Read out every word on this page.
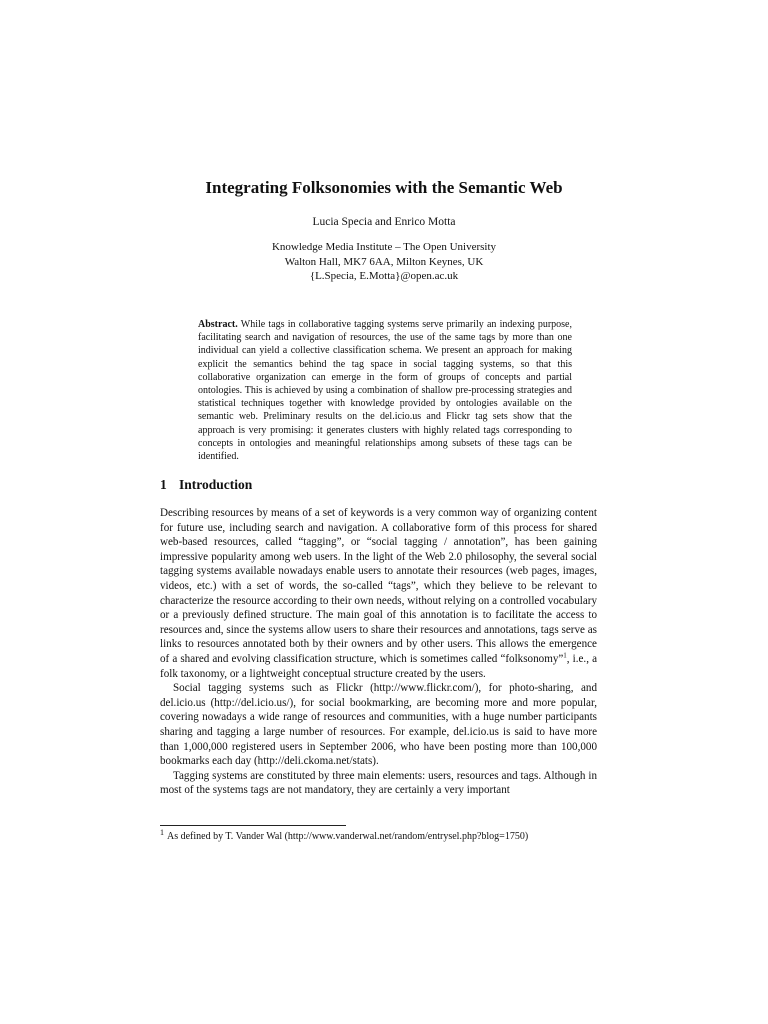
Integrating Folksonomies with the Semantic Web
Lucia Specia and Enrico Motta
Knowledge Media Institute – The Open University
Walton Hall, MK7 6AA, Milton Keynes, UK
{L.Specia, E.Motta}@open.ac.uk
Abstract. While tags in collaborative tagging systems serve primarily an indexing purpose, facilitating search and navigation of resources, the use of the same tags by more than one individual can yield a collective classification schema. We present an approach for making explicit the semantics behind the tag space in social tagging systems, so that this collaborative organization can emerge in the form of groups of concepts and partial ontologies. This is achieved by using a combination of shallow pre-processing strategies and statistical techniques together with knowledge provided by ontologies available on the semantic web. Preliminary results on the del.icio.us and Flickr tag sets show that the approach is very promising: it generates clusters with highly related tags corresponding to concepts in ontologies and meaningful relationships among subsets of these tags can be identified.
1 Introduction

Describing resources by means of a set of keywords is a very common way of organizing content for future use, including search and navigation. A collaborative form of this process for shared web-based resources, called “tagging”, or “social tagging / annotation”, has been gaining impressive popularity among web users. In the light of the Web 2.0 philosophy, the several social tagging systems available nowadays enable users to annotate their resources (web pages, images, videos, etc.) with a set of words, the so-called “tags”, which they believe to be relevant to characterize the resource according to their own needs, without relying on a controlled vocabulary or a previously defined structure. The main goal of this annotation is to facilitate the access to resources and, since the systems allow users to share their resources and annotations, tags serve as links to resources annotated both by their owners and by other users. This allows the emergence of a shared and evolving classification structure, which is sometimes called “folksonomy”$^1$, i.e., a folk taxonomy, or a lightweight conceptual structure created by the users.

Social tagging systems such as Flickr (http://www.flickr.com/), for photo-sharing, and del.icio.us (http://del.icio.us/), for social bookmarking, are becoming more and more popular, covering nowadays a wide range of resources and communities, with a huge number participants sharing and tagging a large number of resources. For example, del.icio.us is said to have more than 1,000,000 registered users in September 2006, who have been posting more than 100,000 bookmarks each day (http://deli.ckoma.net/stats).

Tagging systems are constituted by three main elements: users, resources and tags. Although in most of the systems tags are not mandatory, they are certainly a very important

$^1$ As defined by T. Vander Wal (http://www.vanderwal.net/random/entrysel.php?blog=1750)
